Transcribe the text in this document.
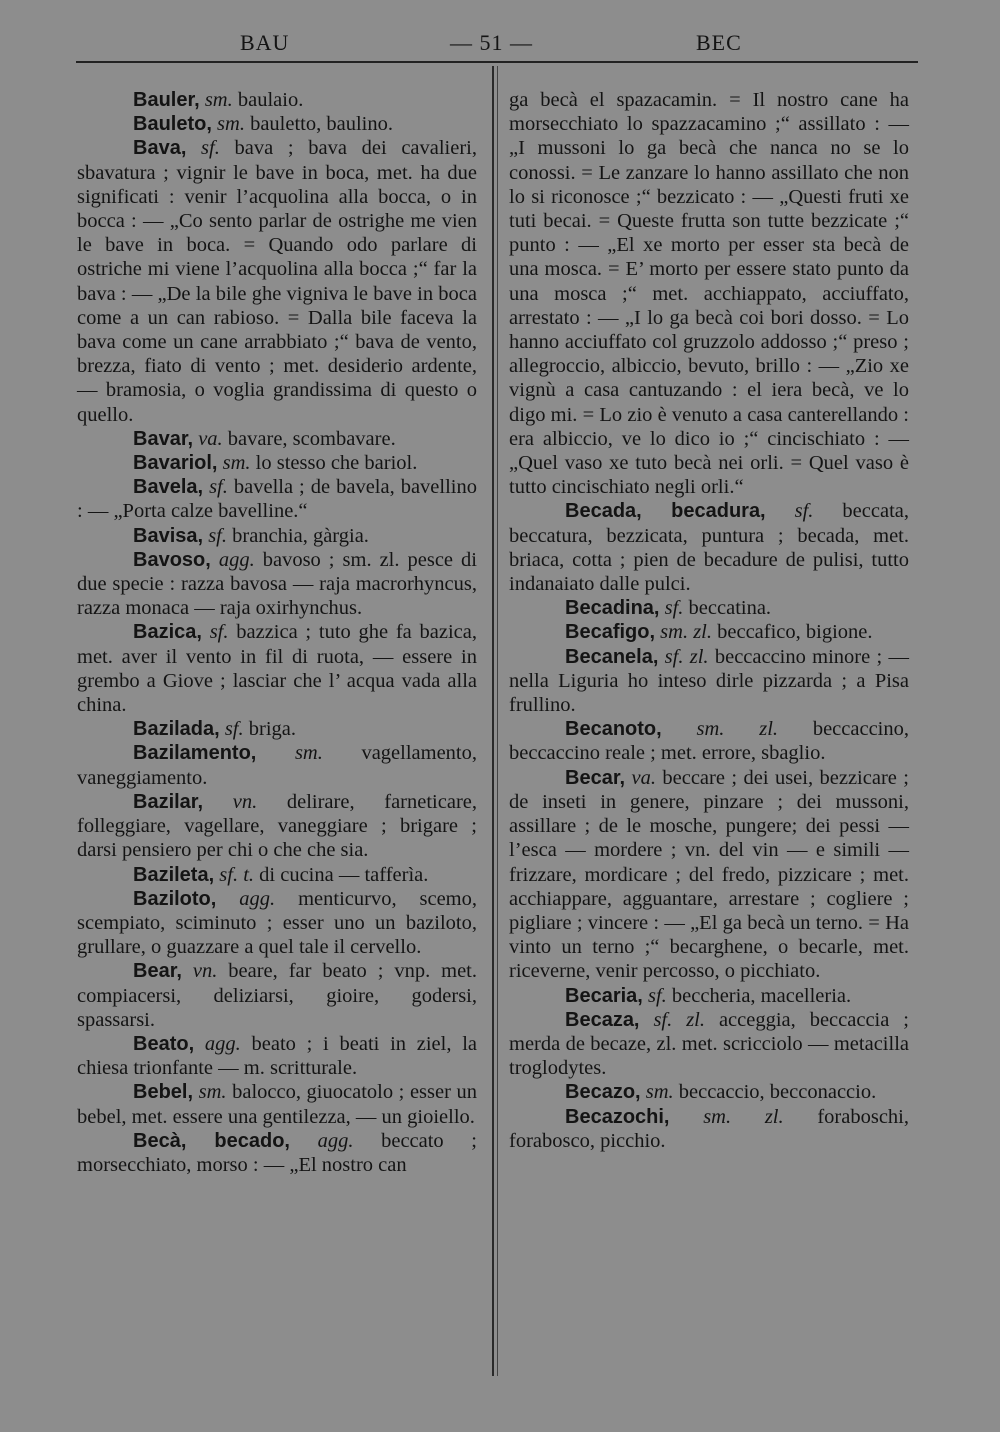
BAU	— 51 —	BEC

Bauler, sm. baulaio.

Bauleto, sm. bauletto, baulino.

Bava, sf. bava ; bava dei cavalieri, sbavatura ; vignir le bave in boca, met. ha due significati : venir l’acquolina alla bocca, o in bocca : — „Co sento parlar de ostrighe me vien le bave in boca. = Quando odo parlare di ostriche mi viene l’acquolina alla bocca ;“ far la bava : — „De la bile ghe vigniva le bave in boca come a un can rabioso. = Dalla bile faceva la bava come un cane arrabbiato ;“ bava de vento, brezza, fiato di vento ; met. desiderio ardente, — bramosia, o voglia grandissima di questo o quello.

Bavar, va. bavare, scombavare.

Bavariol, sm. lo stesso che bariol.

Bavela, sf. bavella ; de bavela, bavellino : — „Porta calze bavelline.“

Bavisa, sf. branchia, gàrgia.

Bavoso, agg. bavoso ; sm. zl. pesce di due specie : razza bavosa — raja macrorhyncus, razza monaca — raja oxirhynchus.

Bazica, sf. bazzica ; tuto ghe fa bazica, met. aver il vento in fil di ruota, — essere in grembo a Giove ; lasciar che l’ acqua vada alla china.

Bazilada, sf. briga.

Bazilamento, sm. vagellamento, vaneggiamento.

Bazilar, vn. delirare, farneticare, folleggiare, vagellare, vaneggiare ; brigare ; darsi pensiero per chi o che che sia.

Bazileta, sf. t. di cucina — tafferìa.

Baziloto, agg. menticurvo, scemo, scempiato, sciminuto ; esser uno un baziloto, grullare, o guazzare a quel tale il cervello.

Bear, vn. beare, far beato ; vnp. met. compiacersi, deliziarsi, gioire, godersi, spassarsi.

Beato, agg. beato ; i beati in ziel, la chiesa trionfante — m. scritturale.

Bebel, sm. balocco, giuocatolo ; esser un bebel, met. essere una gentilezza, — un gioiello.

Becà, becado, agg. beccato ; morsecchiato, morso : — „El nostro can

ga becà el spazacamin. = Il nostro cane ha morsecchiato lo spazzacamino ;“ assillato : — „I mussoni lo ga becà che nanca no se lo conossi. = Le zanzare lo hanno assillato che non lo si riconosce ;“ bezzicato : — „Questi fruti xe tuti becai. = Queste frutta son tutte bezzicate ;“ punto : — „El xe morto per esser sta becà de una mosca. = E’ morto per essere stato punto da una mosca ;“ met. acchiappato, acciuffato, arrestato : — „I lo ga becà coi bori dosso. = Lo hanno acciuffato col gruzzolo addosso ;“ preso ; allegroccio, albiccio, bevuto, brillo : — „Zio xe vignù a casa cantuzando : el iera becà, ve lo digo mi. = Lo zio è venuto a casa canterellando : era albiccio, ve lo dico io ;“ cincischiato : — „Quel vaso xe tuto becà nei orli. = Quel vaso è tutto cincischiato negli orli.“

Becada, becadura, sf. beccata, beccatura, bezzicata, puntura ; becada, met. briaca, cotta ; pien de becadure de pulisi, tutto indanaiato dalle pulci.

Becadina, sf. beccatina.

Becafigo, sm. zl. beccafico, bigione.

Becanela, sf. zl. beccaccino minore ; — nella Liguria ho inteso dirle pizzarda ; a Pisa frullino.

Becanoto, sm. zl. beccaccino, beccaccino reale ; met. errore, sbaglio.

Becar, va. beccare ; dei usei, bezzicare ; de inseti in genere, pinzare ; dei mussoni, assillare ; de le mosche, pungere; dei pessi — l’esca — mordere ; vn. del vin — e simili — frizzare, mordicare ; del fredo, pizzicare ; met. acchiappare, agguantare, arrestare ; cogliere ; pigliare ; vincere : — „El ga becà un terno. = Ha vinto un terno ;“ becarghene, o becarle, met. riceverne, venir percosso, o picchiato.

Becaria, sf. beccheria, macelleria.

Becaza, sf. zl. acceggia, beccaccia ; merda de becaze, zl. met. scricciolo — metacilla troglodytes.

Becazo, sm. beccaccio, becconaccio.

Becazochi, sm. zl. foraboschi, forabosco, picchio.
